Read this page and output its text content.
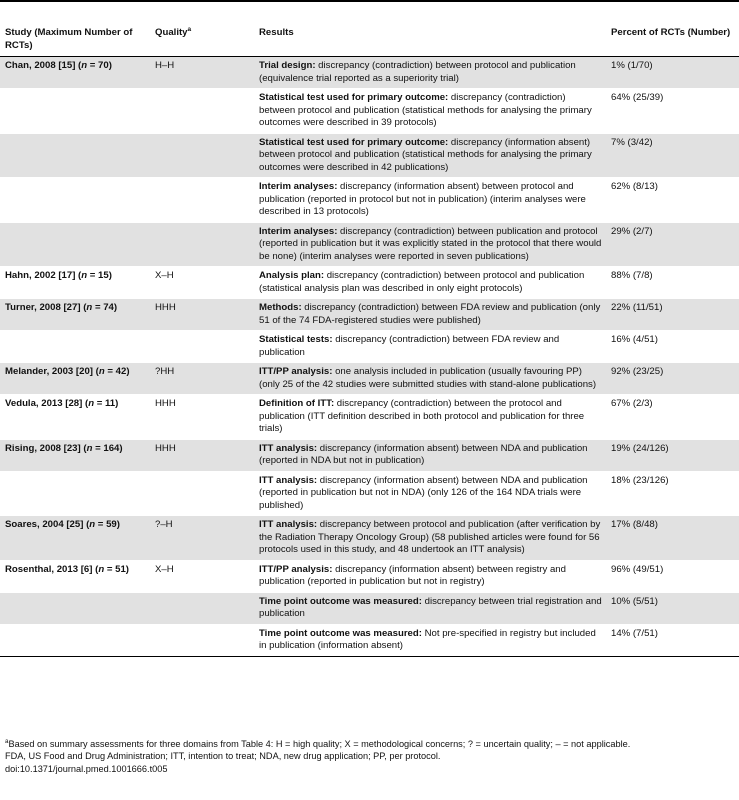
Study (Maximum Number of RCTs)	Quality$^a$	Results	Percent of RCTs (Number)
Chan, 2008 [15] (n = 70)	H–H	Trial design: discrepancy (contradiction) between protocol and publication (equivalence trial reported as a superiority trial)	1% (1/70)
		Statistical test used for primary outcome: discrepancy (contradiction) between protocol and publication (statistical methods for analysing the primary outcomes were described in 39 protocols)	64% (25/39)
		Statistical test used for primary outcome: discrepancy (information absent) between protocol and publication (statistical methods for analysing the primary outcomes were described in 42 publications)	7% (3/42)
		Interim analyses: discrepancy (information absent) between protocol and publication (reported in protocol but not in publication) (interim analyses were described in 13 protocols)	62% (8/13)
		Interim analyses: discrepancy (contradiction) between publication and protocol (reported in publication but it was explicitly stated in the protocol that there would be none) (interim analyses were reported in seven publications)	29% (2/7)
Hahn, 2002 [17] (n = 15)	X–H	Analysis plan: discrepancy (contradiction) between protocol and publication (statistical analysis plan was described in only eight protocols)	88% (7/8)
Turner, 2008 [27] (n = 74)	HHH	Methods: discrepancy (contradiction) between FDA review and publication (only 51 of the 74 FDA-registered studies were published)	22% (11/51)
		Statistical tests: discrepancy (contradiction) between FDA review and publication	16% (4/51)
Melander, 2003 [20] (n = 42)	?HH	ITT/PP analysis: one analysis included in publication (usually favouring PP) (only 25 of the 42 studies were submitted studies with stand-alone publications)	92% (23/25)
Vedula, 2013 [28] (n = 11)	HHH	Definition of ITT: discrepancy (contradiction) between the protocol and publication (ITT definition described in both protocol and publication for three trials)	67% (2/3)
Rising, 2008 [23] (n = 164)	HHH	ITT analysis: discrepancy (information absent) between NDA and publication (reported in NDA but not in publication)	19% (24/126)
		ITT analysis: discrepancy (information absent) between NDA and publication (reported in publication but not in NDA) (only 126 of the 164 NDA trials were published)	18% (23/126)
Soares, 2004 [25] (n = 59)	?–H	ITT analysis: discrepancy between protocol and publication (after verification by the Radiation Therapy Oncology Group) (58 published articles were found for 56 protocols used in this study, and 48 undertook an ITT analysis)	17% (8/48)
Rosenthal, 2013 [6] (n = 51)	X–H	ITT/PP analysis: discrepancy (information absent) between registry and publication (reported in publication but not in registry)	96% (49/51)
		Time point outcome was measured: discrepancy between trial registration and publication	10% (5/51)
		Time point outcome was measured: Not pre-specified in registry but included in publication (information absent)	14% (7/51)
$^a$Based on summary assessments for three domains from Table 4: H = high quality; X = methodological concerns; ? = uncertain quality; – = not applicable.
FDA, US Food and Drug Administration; ITT, intention to treat; NDA, new drug application; PP, per protocol.
doi:10.1371/journal.pmed.1001666.t005
